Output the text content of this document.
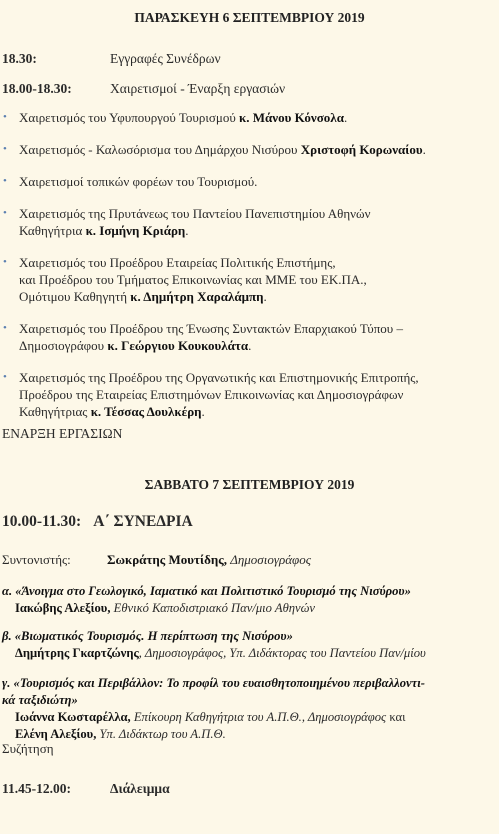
ΠΑΡΑΣΚΕΥΗ 6 ΣΕΠΤΕΜΒΡΙΟΥ 2019
18.30:	Εγγραφές Συνέδρων
18.00-18.30:	Χαιρετισμοί - Έναρξη εργασιών
• Χαιρετισμός του Υφυπουργού Τουρισμού κ. Μάνου Κόνσολα.
• Χαιρετισμός - Καλωσόρισμα του Δημάρχου Νισύρου Χριστοφή Κορωναίου.
• Χαιρετισμοί τοπικών φορέων του Τουρισμού.
• Χαιρετισμός της Πρυτάνεως του Παντείου Πανεπιστημίου Αθηνών
Καθηγήτρια κ. Ισμήνη Κριάρη.
• Χαιρετισμός του Προέδρου Εταιρείας Πολιτικής Επιστήμης,
και Προέδρου του Τμήματος Επικοινωνίας και ΜΜΕ του ΕΚ.ΠΑ.,
Ομότιμου Καθηγητή κ. Δημήτρη Χαραλάμπη.
• Χαιρετισμός του Προέδρου της Ένωσης Συντακτών Επαρχιακού Τύπου –
Δημοσιογράφου κ. Γεώργιου Κουκουλάτα.
• Χαιρετισμός της Προέδρου της Οργανωτικής και Επιστημονικής Επιτροπής,
Προέδρου της Εταιρείας Επιστημόνων Επικοινωνίας και Δημοσιογράφων
Καθηγήτριας κ. Τέσσας Δουλκέρη.
ΕΝΑΡΞΗ ΕΡΓΑΣΙΩΝ
ΣΑΒΒΑΤΟ 7 ΣΕΠΤΕΜΒΡΙΟΥ 2019
10.00-11.30: Α΄ ΣΥΝΕΔΡΙΑ
Συντονιστής:	Σωκράτης Μουτίδης, Δημοσιογράφος
α. «Άνοιγμα στο Γεωλογικό, Ιαματικό και Πολιτιστικό Τουρισμό της Νισύρου»
Ιακώβης Αλεξίου, Εθνικό Καποδιστριακό Παν/μιο Αθηνών
β. «Βιωματικός Τουρισμός. Η περίπτωση της Νισύρου»
Δημήτρης Γκαρτζώνης, Δημοσιογράφος, Υπ. Διδάκτορας του Παντείου Παν/μίου
γ. «Τουρισμός και Περιβάλλον: Το προφίλ του ευαισθητοποιημένου περιβαλλοντι-
κά ταξιδιώτη»
Ιωάννα Κωσταρέλλα, Επίκουρη Καθηγήτρια του Α.Π.Θ., Δημοσιογράφος και
Ελένη Αλεξίου, Υπ. Διδάκτωρ του Α.Π.Θ.
Συζήτηση
11.45-12.00:	Διάλειμμα
